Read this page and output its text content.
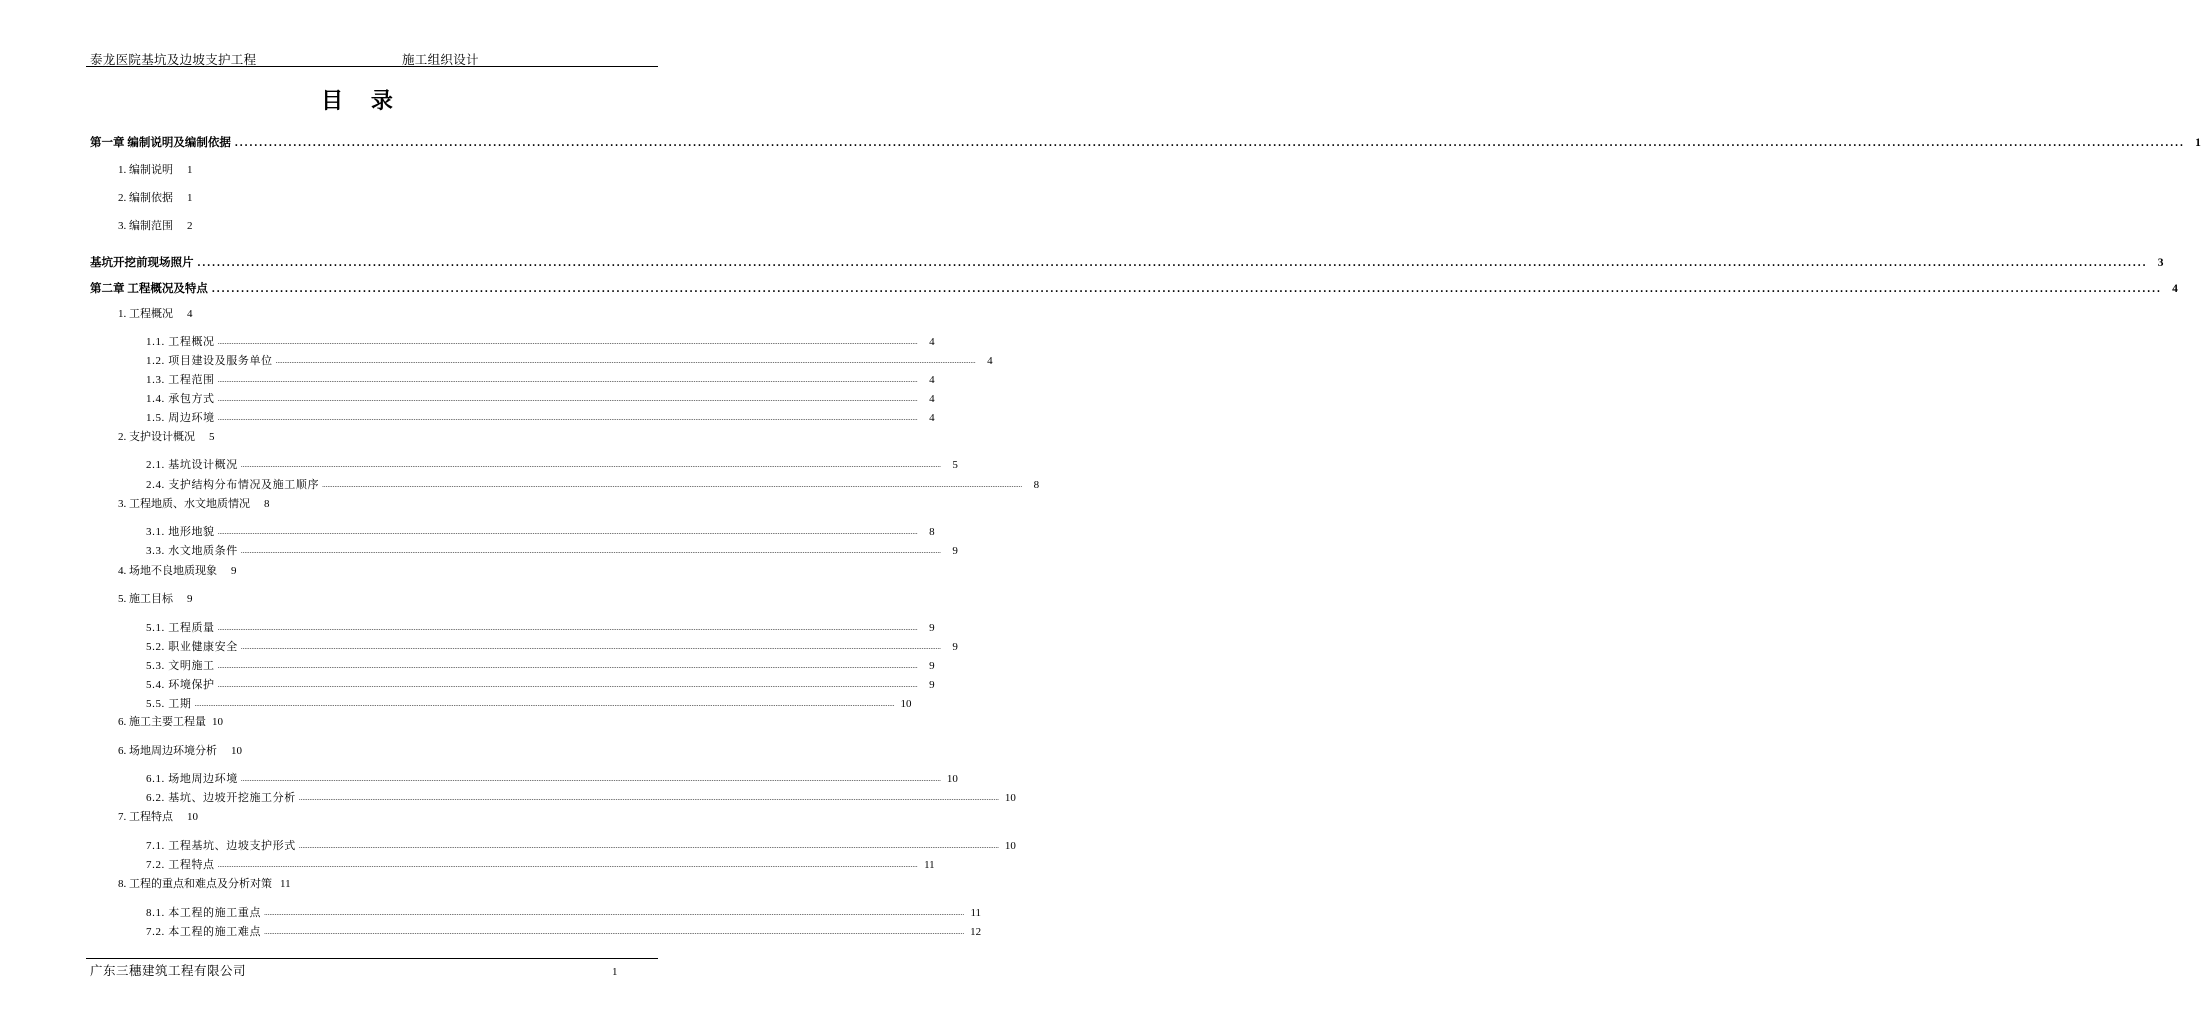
泰龙医院基坑及边坡支护工程	施工组织设计
目 录
第一章 编制说明及编制依据 ................................................................................................................................................................................................................................................................................................................................................................................................................ 1
1. 编制说明 1
2. 编制依据 1
3. 编制范围 2
基坑开挖前现场照片 ................................................................................................................................................................................................................................................................................................................................................................................................................ 3
第二章 工程概况及特点 ................................................................................................................................................................................................................................................................................................................................................................................................................ 4
1. 工程概况 4
1.1. 工程概况 ................................................................................................................................................................................................................................................................................................................................................................................................................	4
1.2. 项目建设及服务单位 ................................................................................................................................................................................................................................................................................................................................................................................................................	4
1.3. 工程范围 ................................................................................................................................................................................................................................................................................................................................................................................................................	4
1.4. 承包方式 ................................................................................................................................................................................................................................................................................................................................................................................................................	4
1.5. 周边环境 ................................................................................................................................................................................................................................................................................................................................................................................................................	4
2. 支护设计概况 5
2.1. 基坑设计概况 ................................................................................................................................................................................................................................................................................................................................................................................................................	5
2.4. 支护结构分布情况及施工顺序 ................................................................................................................................................................................................................................................................................................................................................................................................................	8
3. 工程地质、水文地质情况 8
3.1. 地形地貌 ................................................................................................................................................................................................................................................................................................................................................................................................................	8
3.3. 水文地质条件 ................................................................................................................................................................................................................................................................................................................................................................................................................	9
4. 场地不良地质现象 9
5. 施工目标 9
5.1. 工程质量 ................................................................................................................................................................................................................................................................................................................................................................................................................	9
5.2. 职业健康安全 ................................................................................................................................................................................................................................................................................................................................................................................................................	9
5.3. 文明施工 ................................................................................................................................................................................................................................................................................................................................................................................................................	9
5.4. 环境保护 ................................................................................................................................................................................................................................................................................................................................................................................................................	9
5.5. 工期 ................................................................................................................................................................................................................................................................................................................................................................................................................ 10
6. 施工主要工程量 10
6. 场地周边环境分析 10
6.1. 场地周边环境 ................................................................................................................................................................................................................................................................................................................................................................................................................ 10
6.2. 基坑、边坡开挖施工分析 ................................................................................................................................................................................................................................................................................................................................................................................................................ 10
7. 工程特点 10
7.1. 工程基坑、边坡支护形式 ................................................................................................................................................................................................................................................................................................................................................................................................................ 10
7.2. 工程特点 ................................................................................................................................................................................................................................................................................................................................................................................................................ 11
8. 工程的重点和难点及分析对策 11
8.1. 本工程的施工重点 ................................................................................................................................................................................................................................................................................................................................................................................................................ 11
7.2. 本工程的施工难点 ................................................................................................................................................................................................................................................................................................................................................................................................................ 12
广东三穗建筑工程有限公司	1
